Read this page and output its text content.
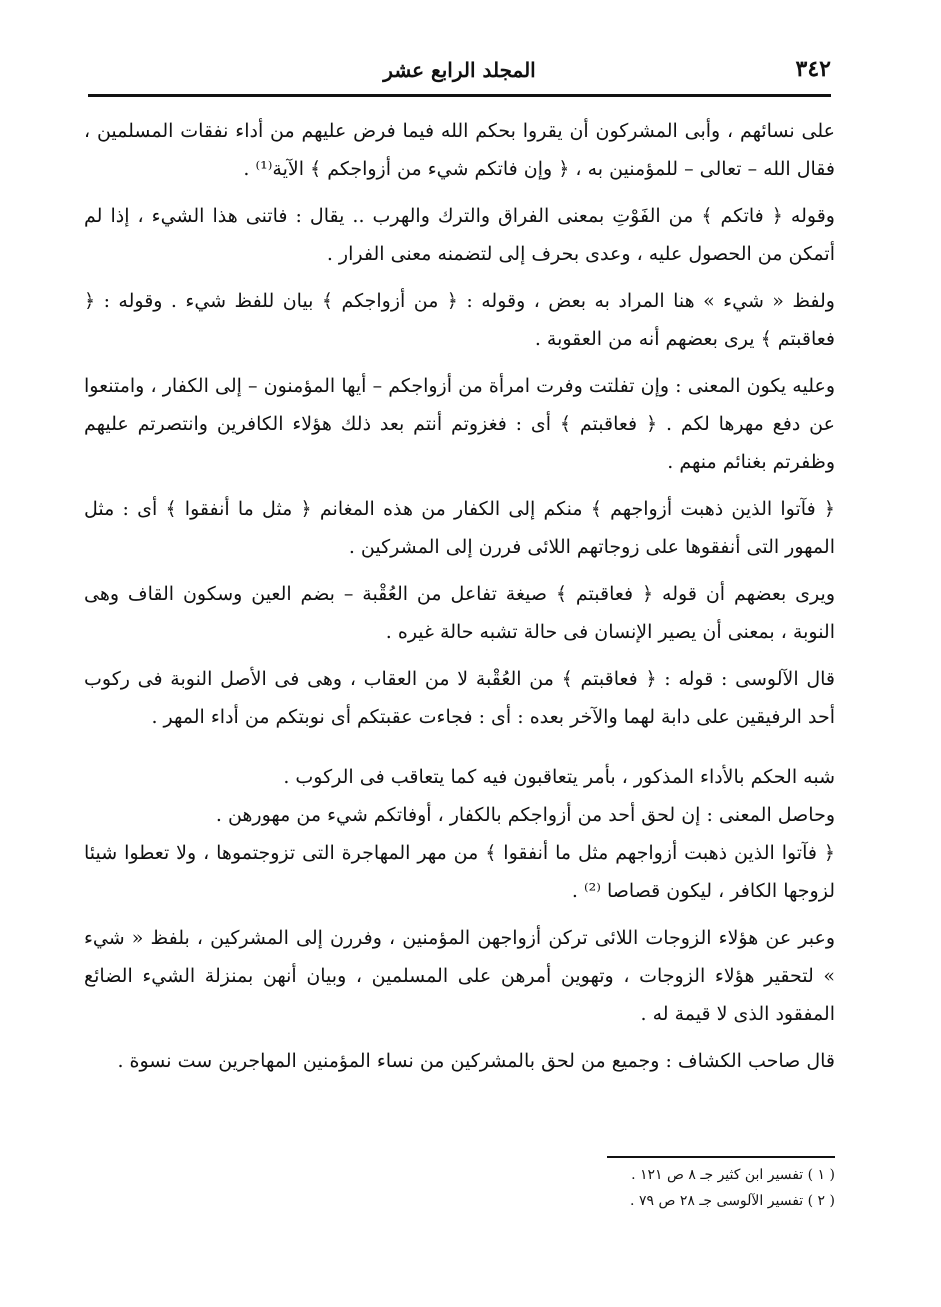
المجلد الرابع عشر	٣٤٢

على نسائهم ، وأبى المشركون أن يقروا بحكم الله فيما فرض عليهم من أداء نفقات المسلمين ، فقال الله – تعالى – للمؤمنين به ، ﴿ وإن فاتكم شيء من أزواجكم ﴾ الآية⁽¹⁾ .

وقوله ﴿ فاتكم ﴾ من الفَوْتِ بمعنى الفراق والترك والهرب .. يقال : فاتنى هذا الشيء ، إذا لم أتمكن من الحصول عليه ، وعدى بحرف إلى لتضمنه معنى الفرار .

ولفظ « شيء » هنا المراد به بعض ، وقوله : ﴿ من أزواجكم ﴾ بيان للفظ شيء . وقوله : ﴿ فعاقبتم ﴾ يرى بعضهم أنه من العقوبة .

وعليه يكون المعنى : وإن تفلتت وفرت امرأة من أزواجكم – أيها المؤمنون – إلى الكفار ، وامتنعوا عن دفع مهرها لكم . ﴿ فعاقبتم ﴾ أى : فغزوتم أنتم بعد ذلك هؤلاء الكافرين وانتصرتم عليهم وظفرتم بغنائم منهم .

﴿ فآتوا الذين ذهبت أزواجهم ﴾ منكم إلى الكفار من هذه المغانم ﴿ مثل ما أنفقوا ﴾ أى : مثل المهور التى أنفقوها على زوجاتهم اللائى فررن إلى المشركين .

ويرى بعضهم أن قوله ﴿ فعاقبتم ﴾ صيغة تفاعل من العُقْبة – بضم العين وسكون القاف وهى النوبة ، بمعنى أن يصير الإنسان فى حالة تشبه حالة غيره .

قال الآلوسى : قوله : ﴿ فعاقبتم ﴾ من العُقْبة لا من العقاب ، وهى فى الأصل النوبة فى ركوب أحد الرفيقين على دابة لهما والآخر بعده : أى : فجاءت عقبتكم أى نوبتكم من أداء المهر .

شبه الحكم بالأداء المذكور ، بأمر يتعاقبون فيه كما يتعاقب فى الركوب .

وحاصل المعنى : إن لحق أحد من أزواجكم بالكفار ، أوفاتكم شيء من مهورهن .

﴿ فآتوا الذين ذهبت أزواجهم مثل ما أنفقوا ﴾ من مهر المهاجرة التى تزوجتموها ، ولا تعطوا شيئا لزوجها الكافر ، ليكون قصاصا ⁽²⁾ .

وعبر عن هؤلاء الزوجات اللائى تركن أزواجهن المؤمنين ، وفررن إلى المشركين ، بلفظ « شيء » لتحقير هؤلاء الزوجات ، وتهوين أمرهن على المسلمين ، وبيان أنهن بمنزلة الشيء الضائع المفقود الذى لا قيمة له .

قال صاحب الكشاف : وجميع من لحق بالمشركين من نساء المؤمنين المهاجرين ست نسوة .

( ١ ) تفسير ابن كثير جـ ٨ ص ١٢١ .

( ٢ ) تفسير الآلوسى جـ ٢٨ ص ٧٩ .
